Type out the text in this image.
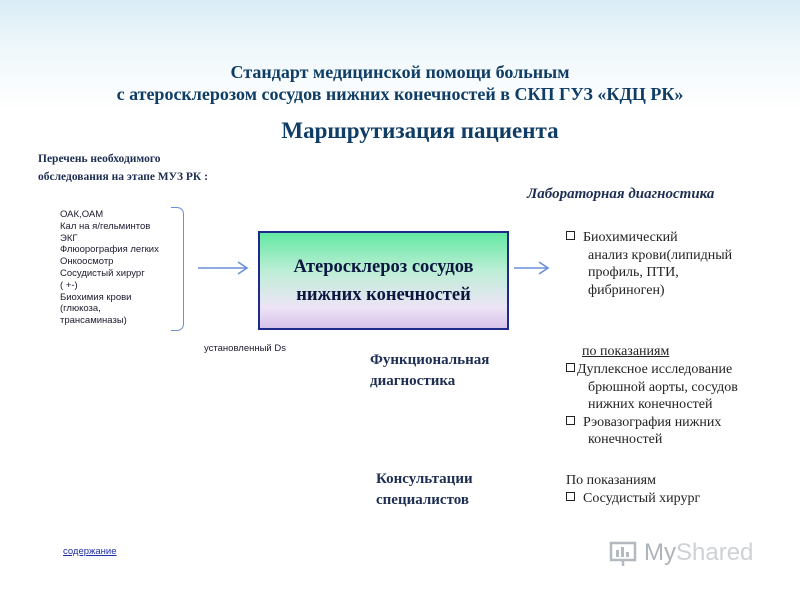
Стандарт медицинской помощи больным
с атеросклерозом сосудов нижних конечностей в СКП ГУЗ «КДЦ РК»
Маршрутизация пациента
Перечень необходимого
обследования на этапе МУЗ РК :
ОАК,ОАМ
Кал на я/гельминтов
ЭКГ
Флюорография легких
Онкоосмотр
Сосудистый хирург
( +-)
Биохимия крови
(глюкоза,
трансаминазы)
установленный Ds
Атеросклероз сосудов
нижних конечностей
Лабораторная диагностика
Биохимический
анализ крови(липидный
профиль, ПТИ,
фибриноген)
Функциональная
диагностика
по показаниям
Дуплексное исследование
брюшной аорты, сосудов
нижних конечностей
Рэовазография нижних
конечностей
Консультации
специалистов
По показаниям
Сосудистый хирург
содержание	MyShared
